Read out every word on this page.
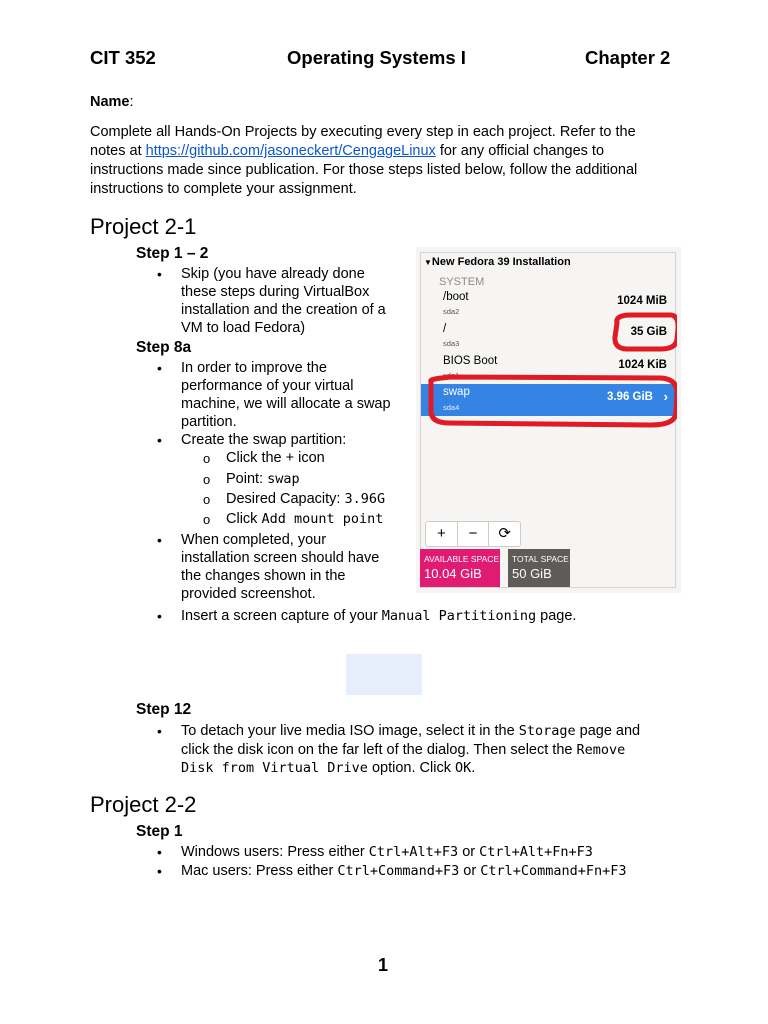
CIT 352	Operating Systems I	Chapter 2
Name:
Complete all Hands-On Projects by executing every step in each project. Refer to the
notes at https://github.com/jasoneckert/CengageLinux for any official changes to
instructions made since publication. For those steps listed below, follow the additional
instructions to complete your assignment.
Project 2-1
Step 1 – 2
• Skip (you have already done
these steps during VirtualBox
installation and the creation of a
VM to load Fedora)
Step 8a
• In order to improve the
performance of your virtual
machine, we will allocate a swap
partition.
• Create the swap partition:
o Click the + icon
o Point: swap
o Desired Capacity: 3.96G
o Click Add mount point
• When completed, your
installation screen should have
the changes shown in the
provided screenshot.
• Insert a screen capture of your Manual Partitioning page.
Step 12
• To detach your live media ISO image, select it in the Storage page and
click the disk icon on the far left of the dialog. Then select the Remove
Disk from Virtual Drive option. Click OK.
Project 2-2
Step 1
• Windows users: Press either Ctrl+Alt+F3 or Ctrl+Alt+Fn+F3
• Mac users: Press either Ctrl+Command+F3 or Ctrl+Command+Fn+F3
1
▼New Fedora 39 Installation
SYSTEM
/boot
sda2
1024 MiB
/
sda3
35 GiB
BIOS Boot
sda1
1024 KiB
swap
sda4
3.96 GiB ›
+	−	⟳
AVAILABLE SPACE
10.04 GiB
TOTAL SPACE
50 GiB
